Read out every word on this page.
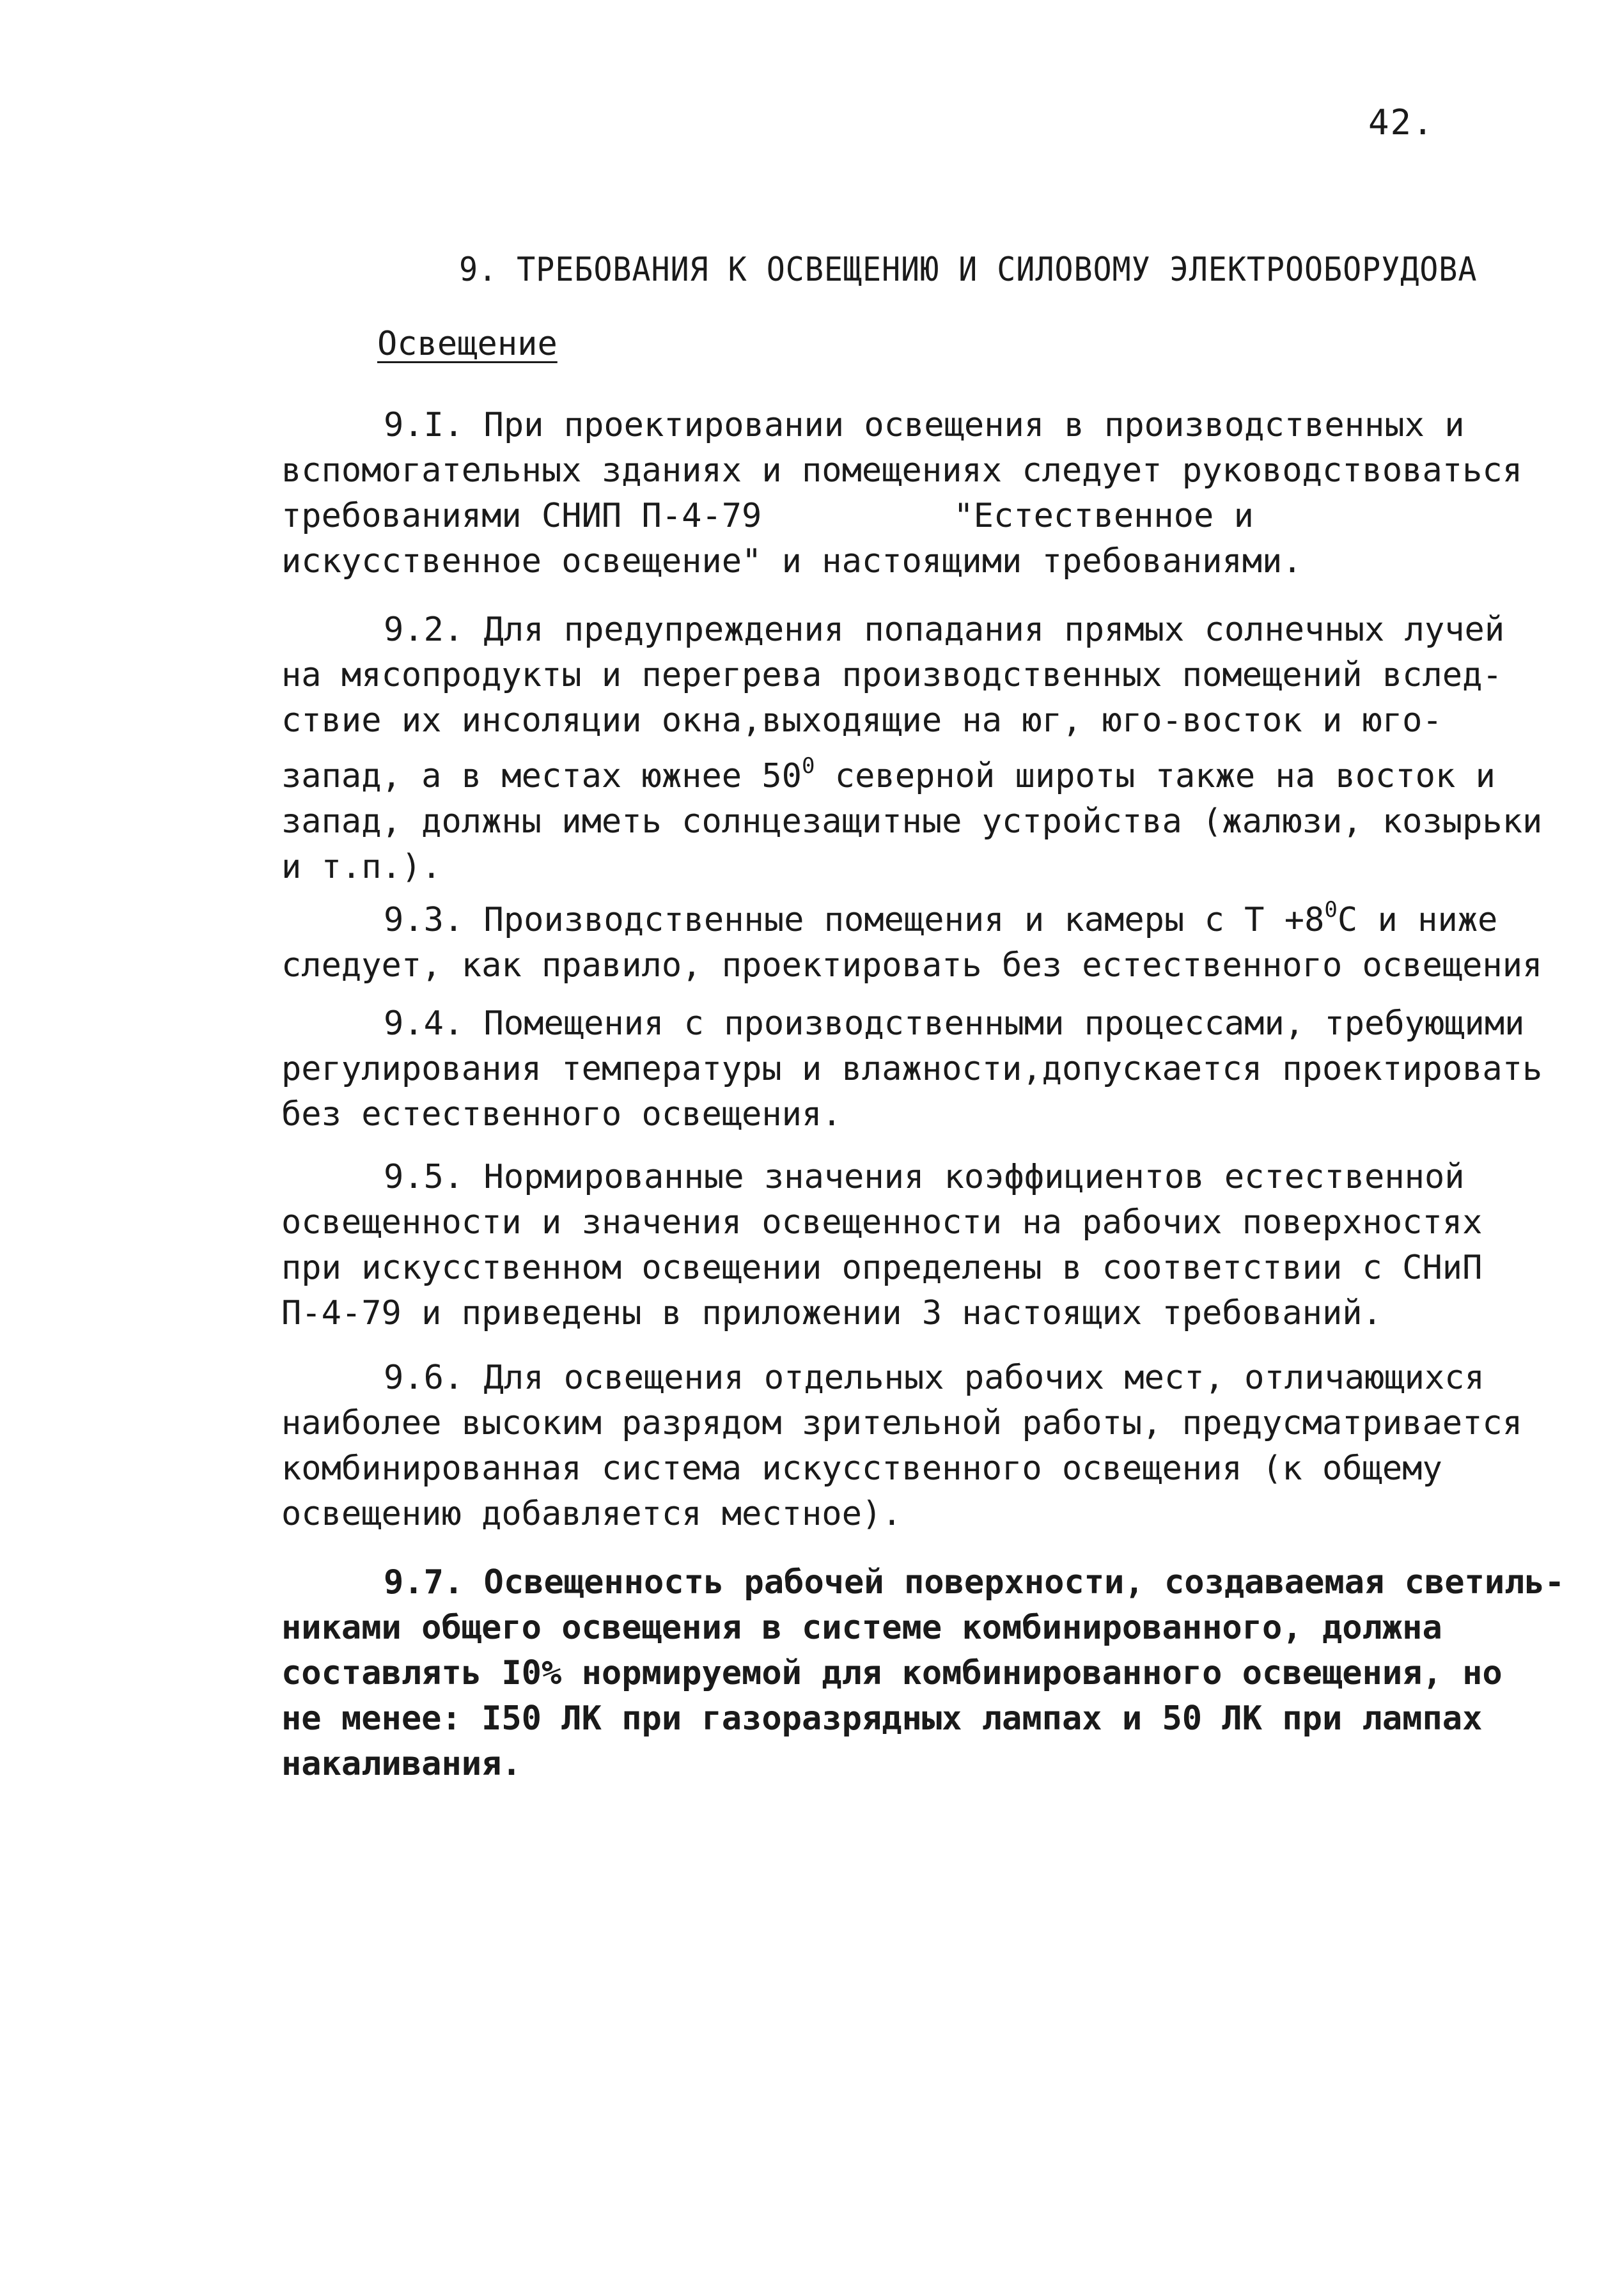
42.
9. ТРЕБОВАНИЯ К ОСВЕЩЕНИЮ И СИЛОВОМУ ЭЛЕКТРООБОРУДОВА
Освещение
9.I. При проектировании освещения в производственных и
вспомогательных зданиях и помещениях следует руководствоваться
требованиями СНИП П-4-79	"Естественное и
искусственное освещение" и настоящими требованиями.
9.2. Для предупреждения попадания прямых солнечных лучей
на мясопродукты и перегрева производственных помещений вслед-
ствие их инсоляции окна,выходящие на юг, юго-восток и юго-
запад, а в местах южнее $50^0$ северной широты также на восток и
запад, должны иметь солнцезащитные устройства (жалюзи, козырьки
и т.п.).
9.3. Производственные помещения и камеры с $Т +8^0С$ и ниже
следует, как правило, проектировать без естественного освещения
9.4. Помещения с производственными процессами, требующими
регулирования температуры и влажности,допускается проектировать
без естественного освещения.
9.5. Нормированные значения коэффициентов естественной
освещенности и значения освещенности на рабочих поверхностях
при искусственном освещении определены в соответствии с СНиП
П-4-79 и приведены в приложении 3 настоящих требований.
9.6. Для освещения отдельных рабочих мест, отличающихся
наиболее высоким разрядом зрительной работы, предусматривается
комбинированная система искусственного освещения (к общему
освещению добавляется местное).
9.7. Освещенность рабочей поверхности, создаваемая светиль-
никами общего освещения в системе комбинированного, должна
составлять I0% нормируемой для комбинированного освещения, но
не менее: I50 ЛК при газоразрядных лампах и 50 ЛК при лампах
накаливания.
